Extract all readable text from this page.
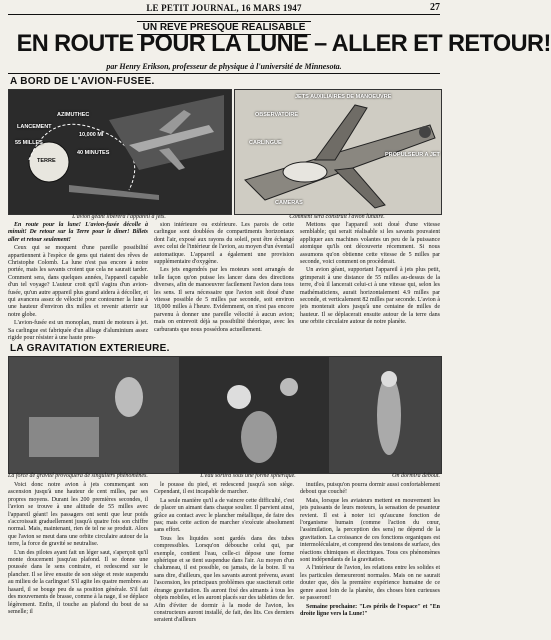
LE PETIT JOURNAL, 16 MARS 1947	27
UN REVE PRESQUE REALISABLE
EN ROUTE POUR LA LUNE – ALLER ET RETOUR!
par Henry Erikson, professeur de physique à l'université de Minnesota.
A BORD DE L'AVION-FUSEE.
AZIMUTHEC
LANCEMENT
TERRE
10,000 MI
40 MINUTES
55 MILLES
L'avion géant libérera l'appareil à jets.
JETS AUXILIAIRES DE MANOEUVRE
OBSERVATOIRE
CARLINGUE
PROPULSEUR A JET
CAMERAS
Comment sera construit l'avion lunaire.

En route pour la lune! L'avion-fusée décolle à minuit! De retour sur la Terre pour le dîner! Billets aller et retour seulement!

Ceux qui se moquent d'une pareille possibilité appartiennent à l'espèce de gens qui riaient des rêves de Christophe Colomb. La lune n'est pas encore à notre portée, mais les savants croient que cela ne saurait tarder. Comment sera, dans quelques années, l'appareil capable d'un tel voyage? L'auteur croit qu'il s'agira d'un avion-fusée, qu'un autre appareil plus grand aidera à décoller, et qui avancera assez de vélocité pour contourner la lune à une hauteur d'environ dix milles et revenir atterrir sur notre globe.

L'avion-fusée est un monoplan, muni de moteurs à jet. Sa carlingue est fabriquée d'un alliage d'aluminium assez rigide pour résister à une haute pres-

sion intérieure ou extérieure. Les parois de cette carlingue sont doublées de compartiments horizontaux dont l'air, exposé aux rayons du soleil, peut être échangé avec celui de l'intérieur de l'avion, au moyen d'un éventail automatique. L'appareil a également une provision supplémentaire d'oxygène.

Les jets engendrés par les moteurs sont arrangés de telle façon qu'on puisse les lancer dans des directions diverses, afin de manoeuvrer facilement l'avion dans tous les sens. Il sera nécessaire que l'avion soit doué d'une vitesse possible de 5 milles par seconde, soit environ 18,000 milles à l'heure. Evidemment, on n'est pas encore parvenu à donner une pareille vélocité à aucun avion; mais on entrevoit déjà sa possibilité théorique, avec les carburants que nous possédons actuellement.

Mettons que l'appareil soit doué d'une vitesse semblable; qui serait réalisable si les savants pouvaient appliquer aux machines volantes un peu de la puissance atomique qu'ils ont découverte récemment. Si nous assumons qu'on obtienne cette vitesse de 5 milles par seconde, voici comment on procèderait.

Un avion géant, supportant l'appareil à jets plus petit, grimperait à une distance de 55 milles au-dessus de la terre, d'où il lancerait celui-ci à une vitesse qui, selon les mathématiciens, aurait horizontalement 4.9 milles par seconde, et verticalement 82 milles par seconde. L'avion à jets monterait alors jusqu'à une centaine de milles de hauteur. Il se déplacerait ensuite autour de la terre dans une orbite circulaire autour de notre planète.

LA GRAVITATION EXTERIEURE.
La force de gravité provoquera de singuliers phénomènes.	L'eau sortira sous une forme sphérique.	On dormira debout.

Voici donc notre avion à jets commençant son ascension jusqu'à une hauteur de cent milles, par ses propres moyens. Durant les 200 premières secondes, il l'avion se trouve à une altitude de 55 milles avec l'appareil géant! les passagers ont senti que leur poids s'accroissait graduellement jusqu'à quatre fois son chiffre normal. Mais, maintenant, rien de tel ne se produit. Alors que l'avion se meut dans une orbite circulaire autour de la terre, la force de gravité se neutralise.

L'un des pilotes ayant fait un léger saut, s'aperçoit qu'il monte doucement jusqu'au plafond. Il se donne une poussée dans le sens contraire, et redescend sur le plancher. Il se lève ensuite de son siège et reste suspendu au milieu de la carlingue! S'il agite les quatre membres au hasard, il se bouge peu de sa position générale. S'il fait des mouvements de brasse, comme à la nage, il se déplace légèrement. Enfin, il touche au plafond du bout de sa semelle; il

le pousse du pied, et redescend jusqu'à son siège. Cependant, il est incapable de marcher.

La seule manière qu'il a de vaincre cette difficulté, c'est de placer un aimant dans chaque soulier. Il parvient ainsi, grâce au contact avec le plancher métallique, de faire des pas; mais cette action de marcher s'exécute absolument sans effort.

Tous les liquides sont gardés dans des tubes compressibles. Lorsqu'on débouche celui qui, par exemple, contient l'eau, celle-ci dépose une forme sphérique et se tient suspendue dans l'air. Au moyen d'un chalumeau, il est possible, ou jamais, de la boire. Il va sans dire, d'ailleurs, que les savants auront prévenu, avant l'ascension, les principaux problèmes que susciterait cette étrange gravitation. Ils auront fixé des aimants à tous les objets mobiles, et les auront placés sur des tablettes de fer. Afin d'éviter de dormir à la mode de l'avion, les constructeurs auront installé, de fait, des lits. Ces derniers seraient d'ailleurs

inutiles, puisqu'on pourra dormir aussi confortablement debout que couché!

Mais, lorsque les aviateurs mettent en mouvement les jets puissants de leurs moteurs, la sensation de pesanteur revient. Il est à noter ici qu'aucune fonction de l'organisme humain (comme l'action du cœur, l'assimilation, la perception des sens) ne dépend de la gravitation. La croissance de ces fonctions organiques est intermoléculaire, et comprend des tensions de surface, des réactions chimiques et électriques. Tous ces phénomènes sont indépendants de la gravitation.

A l'intérieur de l'avion, les relations entre les solides et les particules demeureront normales. Mais on ne saurait douter que, dès la première expérience humaine de ce genre aussi loin de la planète, des choses bien curieuses se passeront!

Semaine prochaine: "Les périls de l'espace" et "En droite ligne vers la Lune!"
